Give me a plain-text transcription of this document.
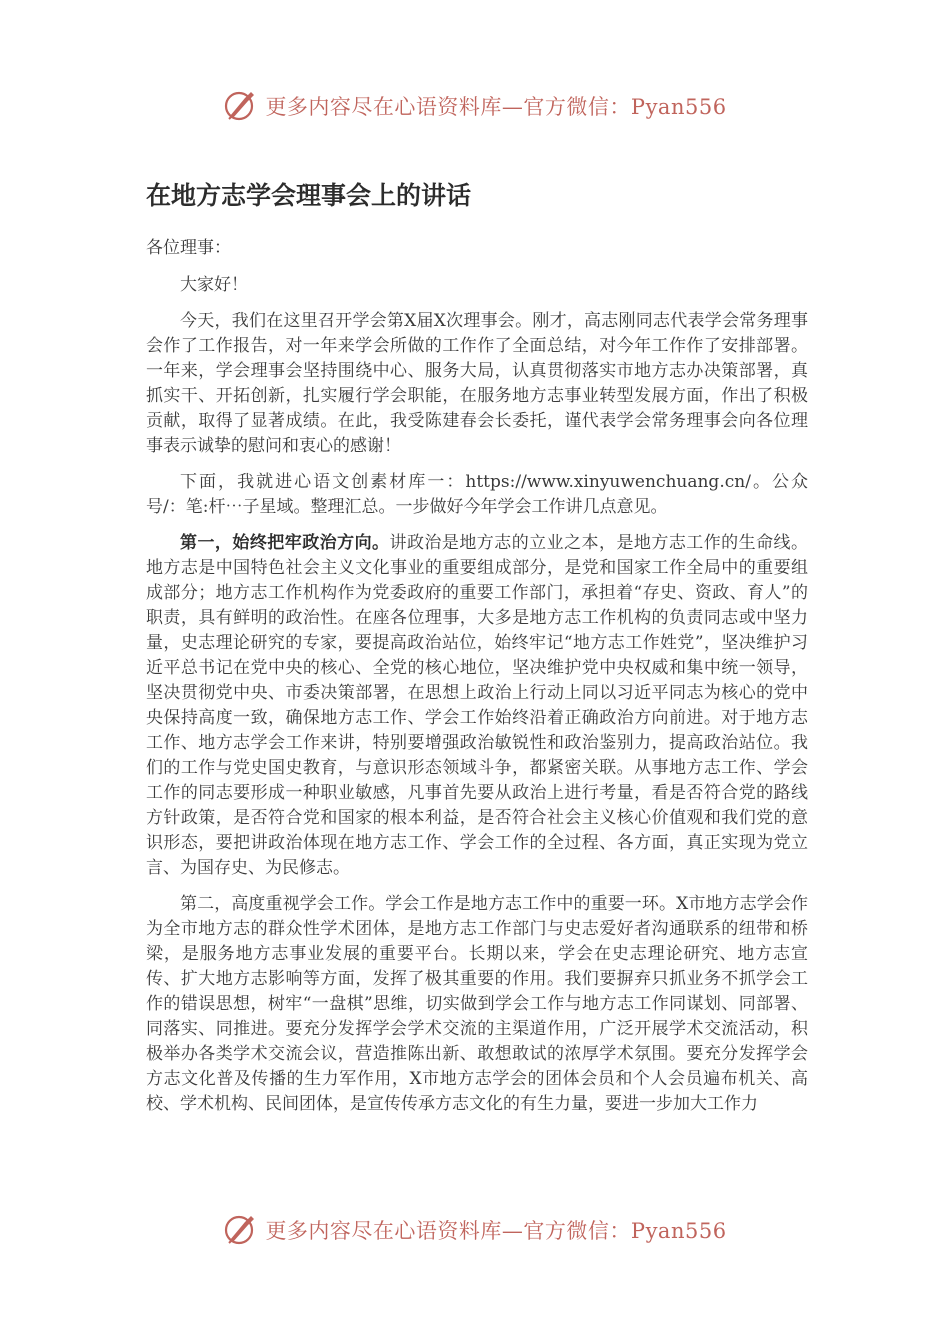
更多内容尽在心语资料库—官方微信：Pyan556
在地方志学会理事会上的讲话
各位理事：

大家好！

今天，我们在这里召开学会第X届X次理事会。刚才，高志刚同志代表学会常务理事会作了工作报告，对一年来学会所做的工作作了全面总结，对今年工作作了安排部署。一年来，学会理事会坚持围绕中心、服务大局，认真贯彻落实市地方志办决策部署，真抓实干、开拓创新，扎实履行学会职能，在服务地方志事业转型发展方面，作出了积极贡献，取得了显著成绩。在此，我受陈建春会长委托，谨代表学会常务理事会向各位理事表示诚挚的慰问和衷心的感谢！

下面，我就进心语文创素材库一：https://www.xinyuwenchuang.cn/。公众号/：笔:杆⋯子星域。整理汇总。一步做好今年学会工作讲几点意见。

第一，始终把牢政治方向。讲政治是地方志的立业之本，是地方志工作的生命线。地方志是中国特色社会主义文化事业的重要组成部分，是党和国家工作全局中的重要组成部分；地方志工作机构作为党委政府的重要工作部门，承担着“存史、资政、育人”的职责，具有鲜明的政治性。在座各位理事，大多是地方志工作机构的负责同志或中坚力量，史志理论研究的专家，要提高政治站位，始终牢记“地方志工作姓党”，坚决维护习近平总书记在党中央的核心、全党的核心地位，坚决维护党中央权威和集中统一领导，坚决贯彻党中央、市委决策部署，在思想上政治上行动上同以习近平同志为核心的党中央保持高度一致，确保地方志工作、学会工作始终沿着正确政治方向前进。对于地方志工作、地方志学会工作来讲，特别要增强政治敏锐性和政治鉴别力，提高政治站位。我们的工作与党史国史教育，与意识形态领域斗争，都紧密关联。从事地方志工作、学会工作的同志要形成一种职业敏感，凡事首先要从政治上进行考量，看是否符合党的路线方针政策，是否符合党和国家的根本利益，是否符合社会主义核心价值观和我们党的意识形态，要把讲政治体现在地方志工作、学会工作的全过程、各方面，真正实现为党立言、为国存史、为民修志。

第二，高度重视学会工作。学会工作是地方志工作中的重要一环。X市地方志学会作为全市地方志的群众性学术团体，是地方志工作部门与史志爱好者沟通联系的纽带和桥梁，是服务地方志事业发展的重要平台。长期以来，学会在史志理论研究、地方志宣传、扩大地方志影响等方面，发挥了极其重要的作用。我们要摒弃只抓业务不抓学会工作的错误思想，树牢“一盘棋”思维，切实做到学会工作与地方志工作同谋划、同部署、同落实、同推进。要充分发挥学会学术交流的主渠道作用，广泛开展学术交流活动，积极举办各类学术交流会议，营造推陈出新、敢想敢试的浓厚学术氛围。要充分发挥学会方志文化普及传播的生力军作用，X市地方志学会的团体会员和个人会员遍布机关、高校、学术机构、民间团体，是宣传传承方志文化的有生力量，要进一步加大工作力

更多内容尽在心语资料库—官方微信：Pyan556
